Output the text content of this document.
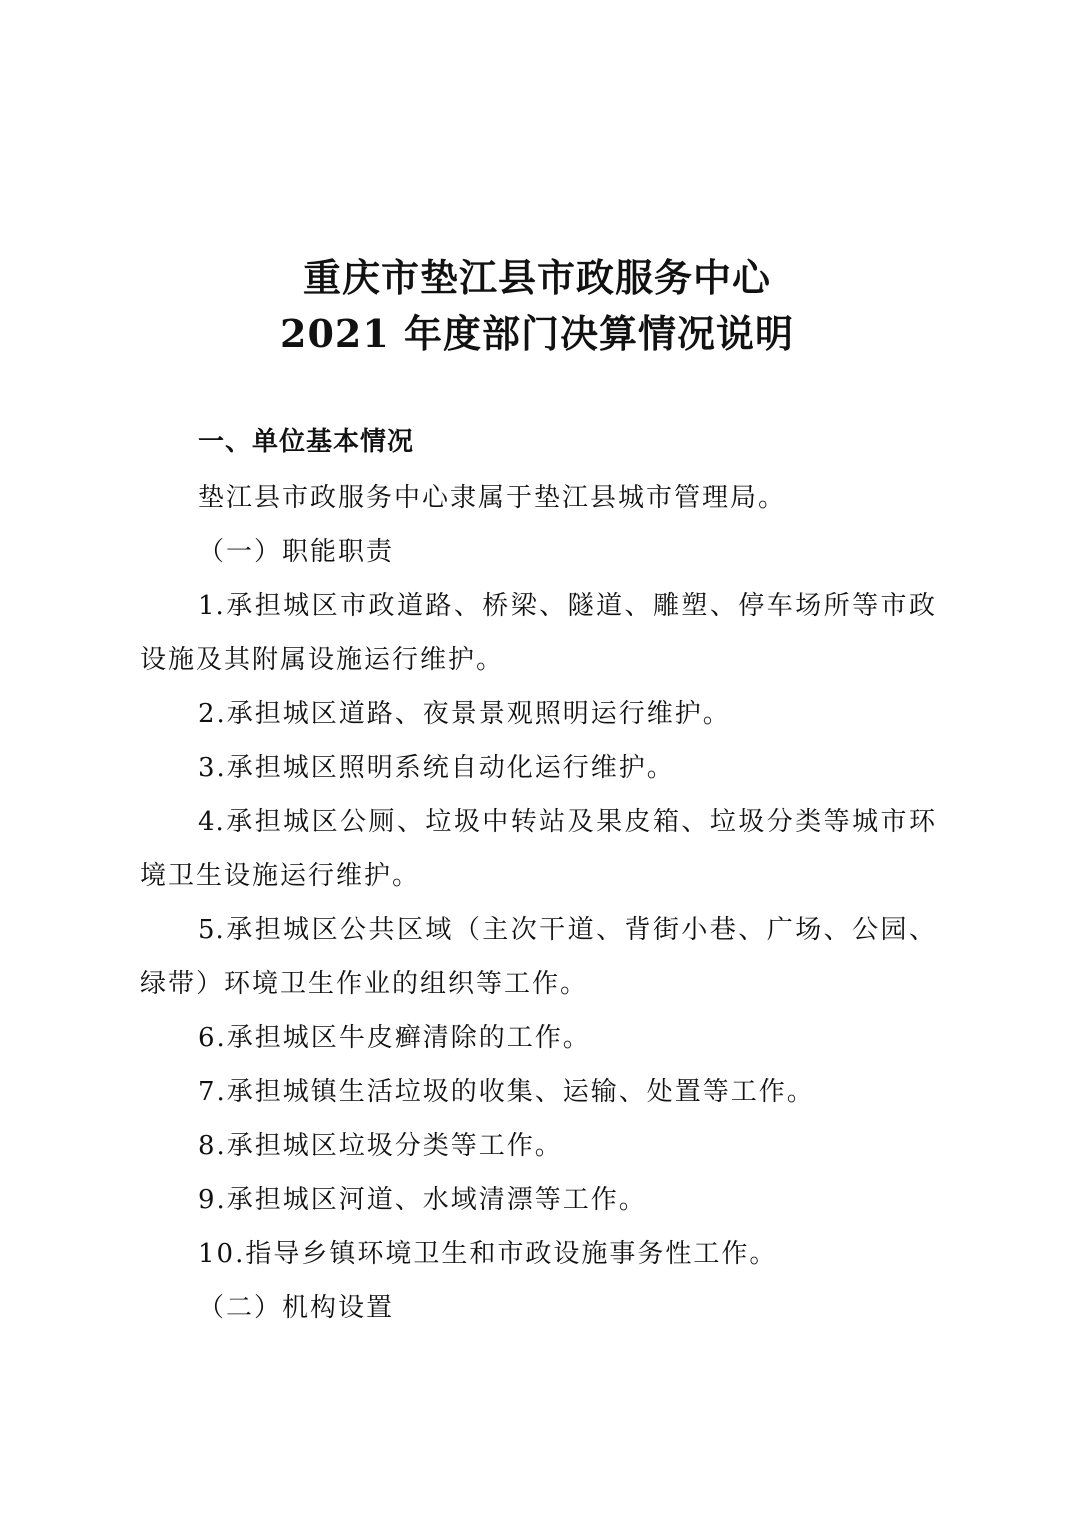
重庆市垫江县市政服务中心
2021 年度部门决算情况说明
一、单位基本情况
垫江县市政服务中心隶属于垫江县城市管理局。
（一）职能职责
1.承担城区市政道路、桥梁、隧道、雕塑、停车场所等市政
设施及其附属设施运行维护。
2.承担城区道路、夜景景观照明运行维护。
3.承担城区照明系统自动化运行维护。
4.承担城区公厕、垃圾中转站及果皮箱、垃圾分类等城市环
境卫生设施运行维护。
5.承担城区公共区域（主次干道、背街小巷、广场、公园、
绿带）环境卫生作业的组织等工作。
6.承担城区牛皮癣清除的工作。
7.承担城镇生活垃圾的收集、运输、处置等工作。
8.承担城区垃圾分类等工作。
9.承担城区河道、水域清漂等工作。
10.指导乡镇环境卫生和市政设施事务性工作。
（二）机构设置
